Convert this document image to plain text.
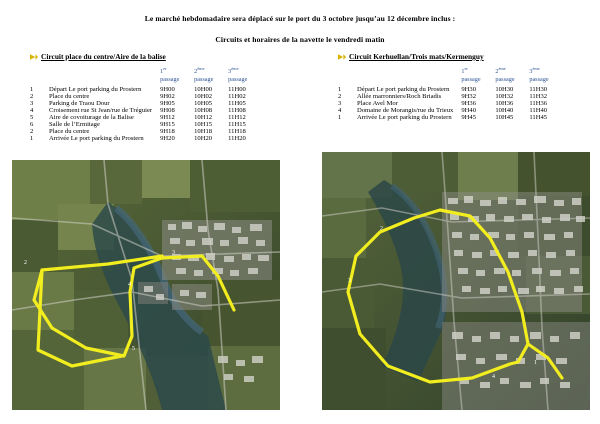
Le marché hebdomadaire sera déplacé sur le port du 3 octobre jusqu’au 12 décembre inclus :
Circuits et horaires de la navette le vendredi matin
Circuit place du centre/Aire de la balise
		1er	2ème	3ème
		passage	passage	passage

1	Départ Le port parking du Prostern	9H00	10H00	11H00
2	Place du centre	9H02	10H02	11H02
3	Parking de Traou Dour	9H05	10H05	11H05
4	Croisement rue St Jean/rue de Tréguier	9H08	10H08	11H08
5	Aire de covoiturage de la Balise	9H12	10H12	11H12
6	Salle de l’Ermitage	9H15	10H15	11H15
2	Place du centre	9H18	10H18	11H18
1	Arrivée Le port parking du Prostern	9H20	10H20	11H20
Circuit Kerhuellan/Trois mats/Kermenguy
		1er	2ème	3ème
		passage	passage	passage

1	Départ Le port parking du Prostern	9H30	10H30	11H30
2	Allée marronniers/Roch Briadis	9H32	10H32	11H32
3	Place Avel Mor	9H36	10H36	11H36
4	Domaine de Morangis/rue du Trieux	9H40	10H40	11H40
1	Arrivée Le port parking du Prostern	9H45	10H45	11H45
2
3
4
5
2
3
4
1
